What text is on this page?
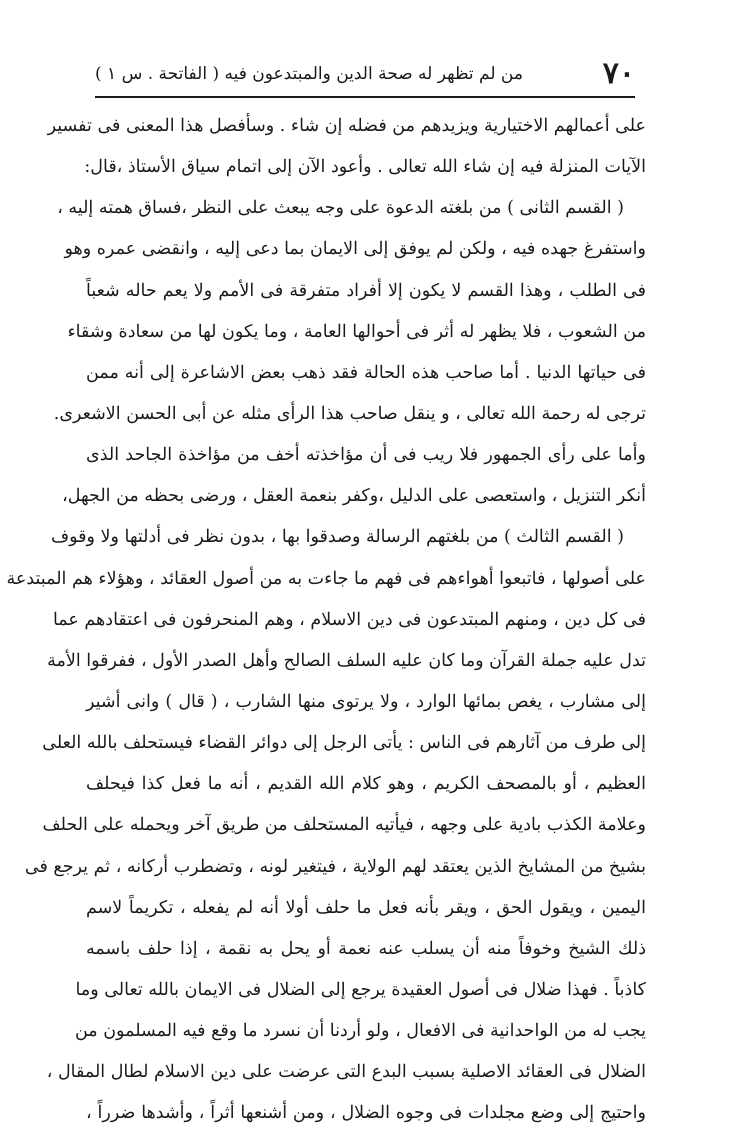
٧٠
من لم تظهر له صحة الدين والمبتدعون فيه ( الفاتحة . س ١ )
على أعمالهم الاختيارية ويزيدهم من فضله إن شاء . وسأفصل هذا المعنى فى تفسير
الآيات المنزلة فيه إن شاء الله تعالى . وأعود الآن إلى اتمام سياق الأستاذ ،قال:
( القسم الثانى ) من بلغته الدعوة على وجه يبعث على النظر ،فساق همته إليه ،
واستفرغ جهده فيه ، ولكن لم يوفق إلى الايمان بما دعى إليه ، وانقضى عمره وهو
فى الطلب ، وهذا القسم لا يكون إلا أفراد متفرقة فى الأمم ولا يعم حاله شعباً
من الشعوب ، فلا يظهر له أثر فى أحوالها العامة ، وما يكون لها من سعادة وشقاء
فى حياتها الدنيا . أما صاحب هذه الحالة فقد ذهب بعض الاشاعرة إلى أنه ممن
ترجى له رحمة الله تعالى ، و ينقل صاحب هذا الرأى مثله عن أبى الحسن الاشعرى.
وأما على رأى الجمهور فلا ريب فى أن مؤاخذته أخف من مؤاخذة الجاحد الذى
أنكر التنزيل ، واستعصى على الدليل ،وكفر بنعمة العقل ، ورضى بحظه من الجهل،
( القسم الثالث ) من بلغتهم الرسالة وصدقوا بها ، بدون نظر فى أدلتها ولا وقوف
على أصولها ، فاتبعوا أهواءهم فى فهم ما جاءت به من أصول العقائد ، وهؤلاء هم المبتدعة
فى كل دين ، ومنهم المبتدعون فى دين الاسلام ، وهم المنحرفون فى اعتقادهم عما
تدل عليه جملة القرآن وما كان عليه السلف الصالح وأهل الصدر الأول ، ففرقوا الأمة
إلى مشارب ، يغص بمائها الوارد ، ولا يرتوى منها الشارب ، ( قال ) وانى أشير
إلى طرف من آثارهم فى الناس : يأتى الرجل إلى دوائر القضاء فيستحلف بالله العلى
العظيم ، أو بالمصحف الكريم ، وهو كلام الله القديم ، أنه ما فعل كذا فيحلف
وعلامة الكذب بادية على وجهه ، فيأتيه المستحلف من طريق آخر ويحمله على الحلف
بشيخ من المشايخ الذين يعتقد لهم الولاية ، فيتغير لونه ، وتضطرب أركانه ، ثم يرجع فى
اليمين ، ويقول الحق ، ويقر بأنه فعل ما حلف أولا أنه لم يفعله ، تكريماً لاسم
ذلك الشيخ وخوفاً منه أن يسلب عنه نعمة أو يحل به نقمة ، إذا حلف باسمه
كاذباً . فهذا ضلال فى أصول العقيدة يرجع إلى الضلال فى الايمان بالله تعالى وما
يجب له من الواحدانية فى الافعال ، ولو أردنا أن نسرد ما وقع فيه المسلمون من
الضلال فى العقائد الاصلية بسبب البدع التى عرضت على دين الاسلام لطال المقال ،
واحتيج إلى وضع مجلدات فى وجوه الضلال ، ومن أشنعها أثراً ، وأشدها ضرراً ،
